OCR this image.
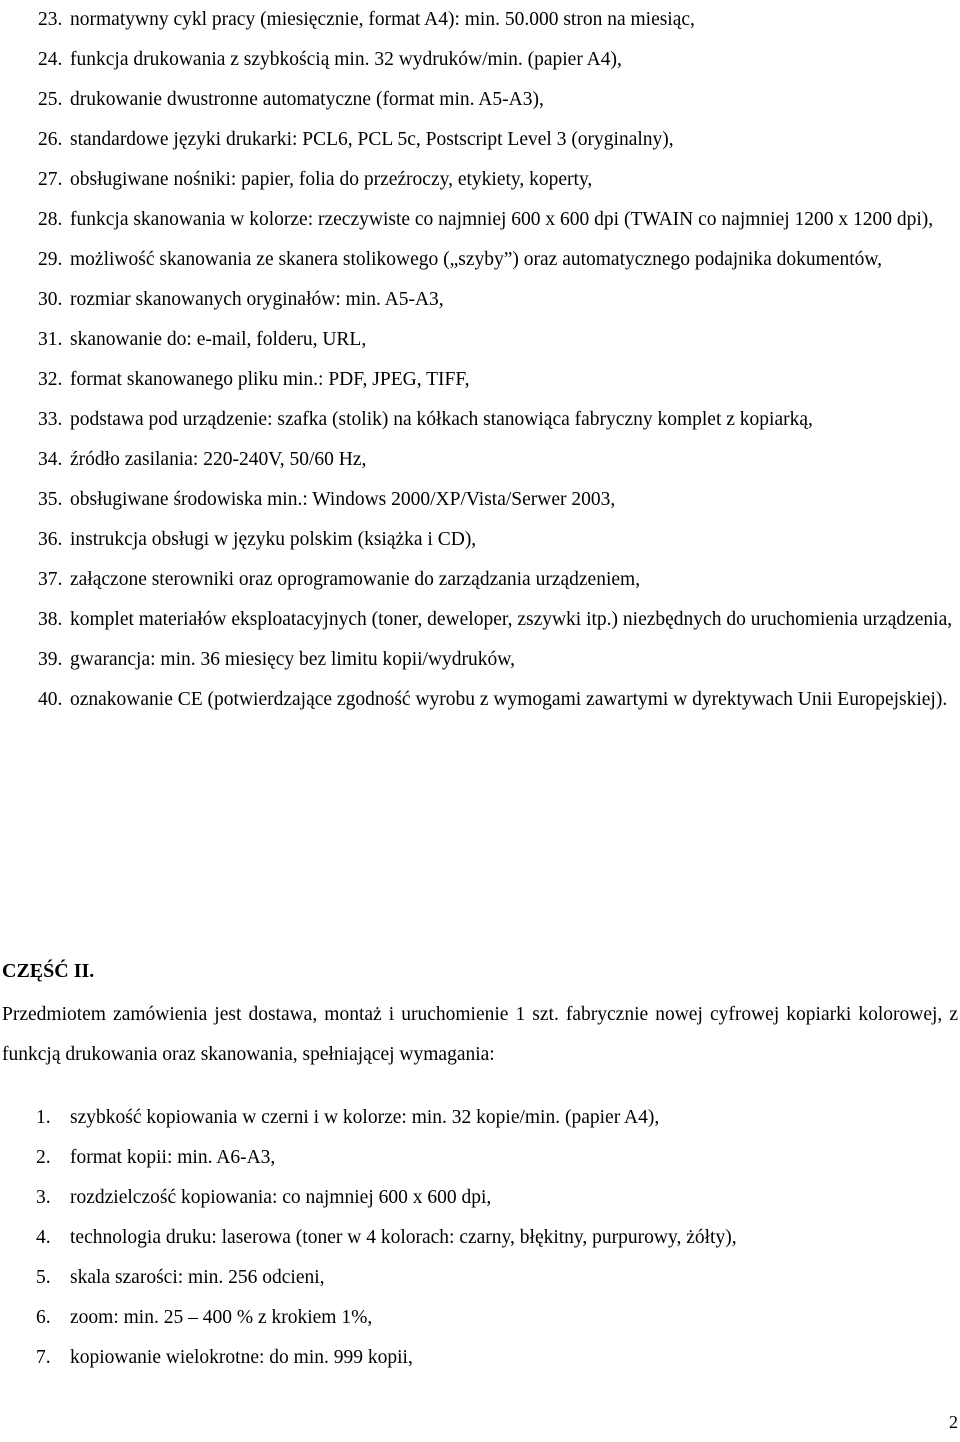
23. normatywny cykl pracy (miesięcznie, format A4): min. 50.000 stron na miesiąc,
24. funkcja drukowania z szybkością min. 32 wydruków/min. (papier A4),
25. drukowanie dwustronne automatyczne (format min. A5-A3),
26. standardowe języki drukarki: PCL6, PCL 5c, Postscript Level 3 (oryginalny),
27. obsługiwane nośniki: papier, folia do przeźroczy, etykiety, koperty,
28. funkcja skanowania w kolorze: rzeczywiste co najmniej 600 x 600 dpi (TWAIN co najmniej 1200 x 1200 dpi),
29. możliwość skanowania ze skanera stolikowego („szyby”) oraz automatycznego podajnika dokumentów,
30. rozmiar skanowanych oryginałów: min. A5-A3,
31. skanowanie do: e-mail, folderu, URL,
32. format skanowanego pliku min.: PDF, JPEG, TIFF,
33. podstawa pod urządzenie: szafka (stolik) na kółkach stanowiąca fabryczny komplet z kopiarką,
34. źródło zasilania: 220-240V, 50/60 Hz,
35. obsługiwane środowiska min.: Windows 2000/XP/Vista/Serwer 2003,
36. instrukcja obsługi w języku polskim (książka i CD),
37. załączone sterowniki oraz oprogramowanie do zarządzania urządzeniem,
38. komplet materiałów eksploatacyjnych (toner, deweloper, zszywki itp.) niezbędnych do uruchomienia urządzenia,
39. gwarancja: min. 36 miesięcy bez limitu kopii/wydruków,
40. oznakowanie CE (potwierdzające zgodność wyrobu z wymogami zawartymi w dyrektywach Unii Europejskiej).
CZĘŚĆ II.

Przedmiotem zamówienia jest dostawa, montaż i uruchomienie 1 szt. fabrycznie nowej cyfrowej kopiarki kolorowej, z funkcją drukowania oraz skanowania, spełniającej wymagania:

1. szybkość kopiowania w czerni i w kolorze: min. 32 kopie/min. (papier A4),
2. format kopii: min. A6-A3,
3. rozdzielczość kopiowania: co najmniej 600 x 600 dpi,
4. technologia druku: laserowa (toner w 4 kolorach: czarny, błękitny, purpurowy, żółty),
5. skala szarości: min. 256 odcieni,
6. zoom: min. 25 – 400 % z krokiem 1%,
7. kopiowanie wielokrotne: do min. 999 kopii,
2
